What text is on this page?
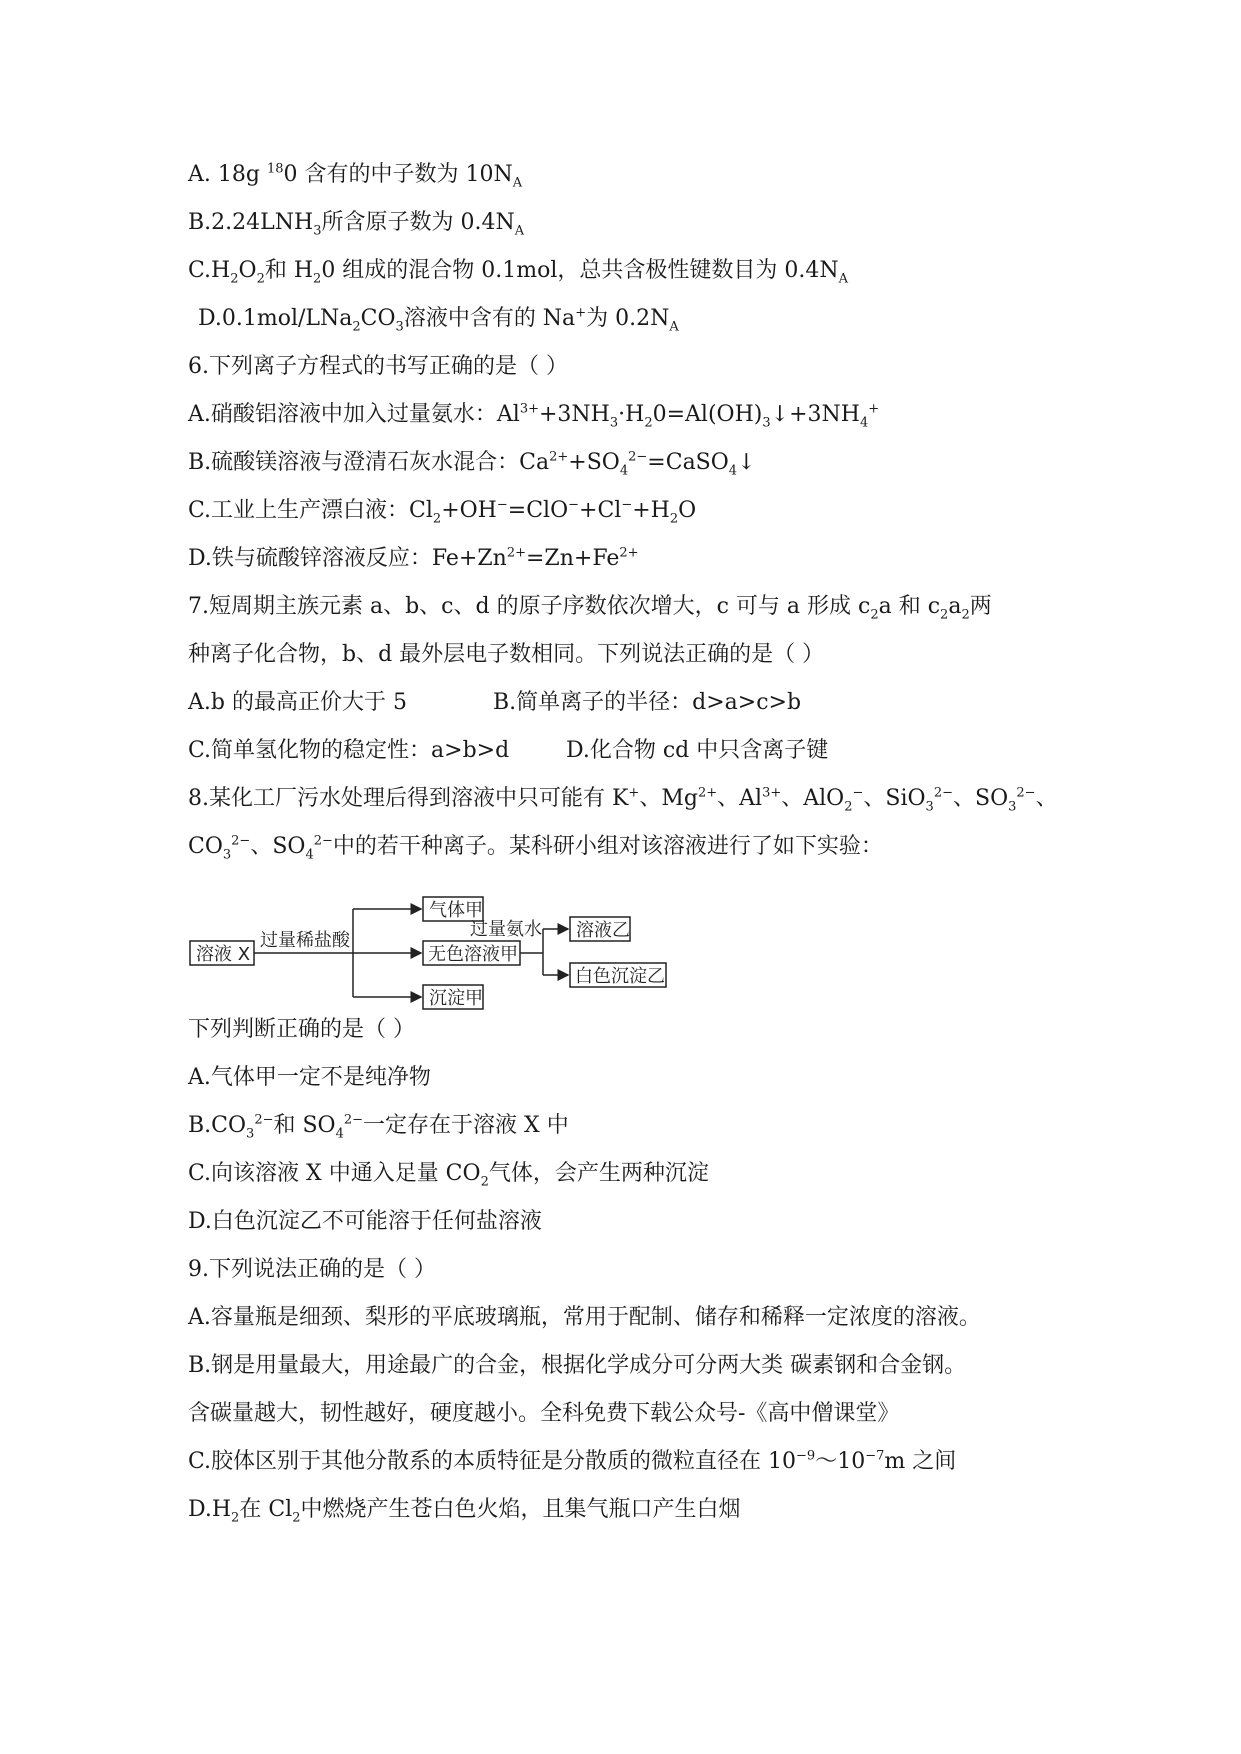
A. 18g $^{18}$0 含有的中子数为 $10N_A$
$B.2.24LNH_3$所含原子数为 $0.4N_A$
$C.H_2O_2$和 $H_20$ 组成的混合物 0.1mol，总共含极性键数目为 $0.4N_A$
$D.0.1mol/LNa_2CO_3$溶液中含有的 Na+为 $0.2N_A$
6.下列离子方程式的书写正确的是（ ）
A.硝酸铝溶液中加入过量氨水：$Al^{3+}+3NH_3\cdot H_20=Al(OH)_3↓+3NH_4^+$
B.硫酸镁溶液与澄清石灰水混合：$Ca^{2+}+SO_4^{2-}=CaSO_4↓$
C.工业上生产漂白液：$Cl_2+OH^-=ClO^-+Cl^-+H_2O$
D.铁与硫酸锌溶液反应：$Fe+Zn^{2+}=Zn+Fe^{2+}$
7.短周期主族元素 a、b、c、d 的原子序数依次增大，c 可与 a 形成 $c_2a$ 和 $c_2a_2$两
种离子化合物，b、d 最外层电子数相同。下列说法正确的是（ ）
A.b 的最高正价大于 5	B.简单离子的半径：d>a>c>b
C.简单氢化物的稳定性：a>b>d	D.化合物 cd 中只含离子键
8.某化工厂污水处理后得到溶液中只可能有 K+、$Mg^{2+}$、$Al^{3+}$、AlO$_2$−、SiO$_3^{2-}$、$SO_3^{2-}$、
$CO_3^{2-}$、$SO_4^{2-}$中的若干种离子。某科研小组对该溶液进行了如下实验：
溶液 X
过量稀盐酸
气体甲
无色溶液甲
沉淀甲
过量氨水 溶液乙
白色沉淀乙
下列判断正确的是（ ）
A.气体甲一定不是纯净物
$B.CO_3^{2-}$和 $SO_4^{2-}$一定存在于溶液 X 中
C.向该溶液 X 中通入足量 $CO_2$气体，会产生两种沉淀
D.白色沉淀乙不可能溶于任何盐溶液
9.下列说法正确的是（ ）
A.容量瓶是细颈、梨形的平底玻璃瓶，常用于配制、储存和稀释一定浓度的溶液。
B.钢是用量最大，用途最广的合金，根据化学成分可分两大类 碳素钢和合金钢。
含碳量越大，韧性越好，硬度越小。全科免费下载公众号-《高中僧课堂》
C.胶体区别于其他分散系的本质特征是分散质的微粒直径在 $10^{-9}\sim 10^{-7}m$ 之间
$D.H_2$在 $Cl_2$中燃烧产生苍白色火焰，且集气瓶口产生白烟
